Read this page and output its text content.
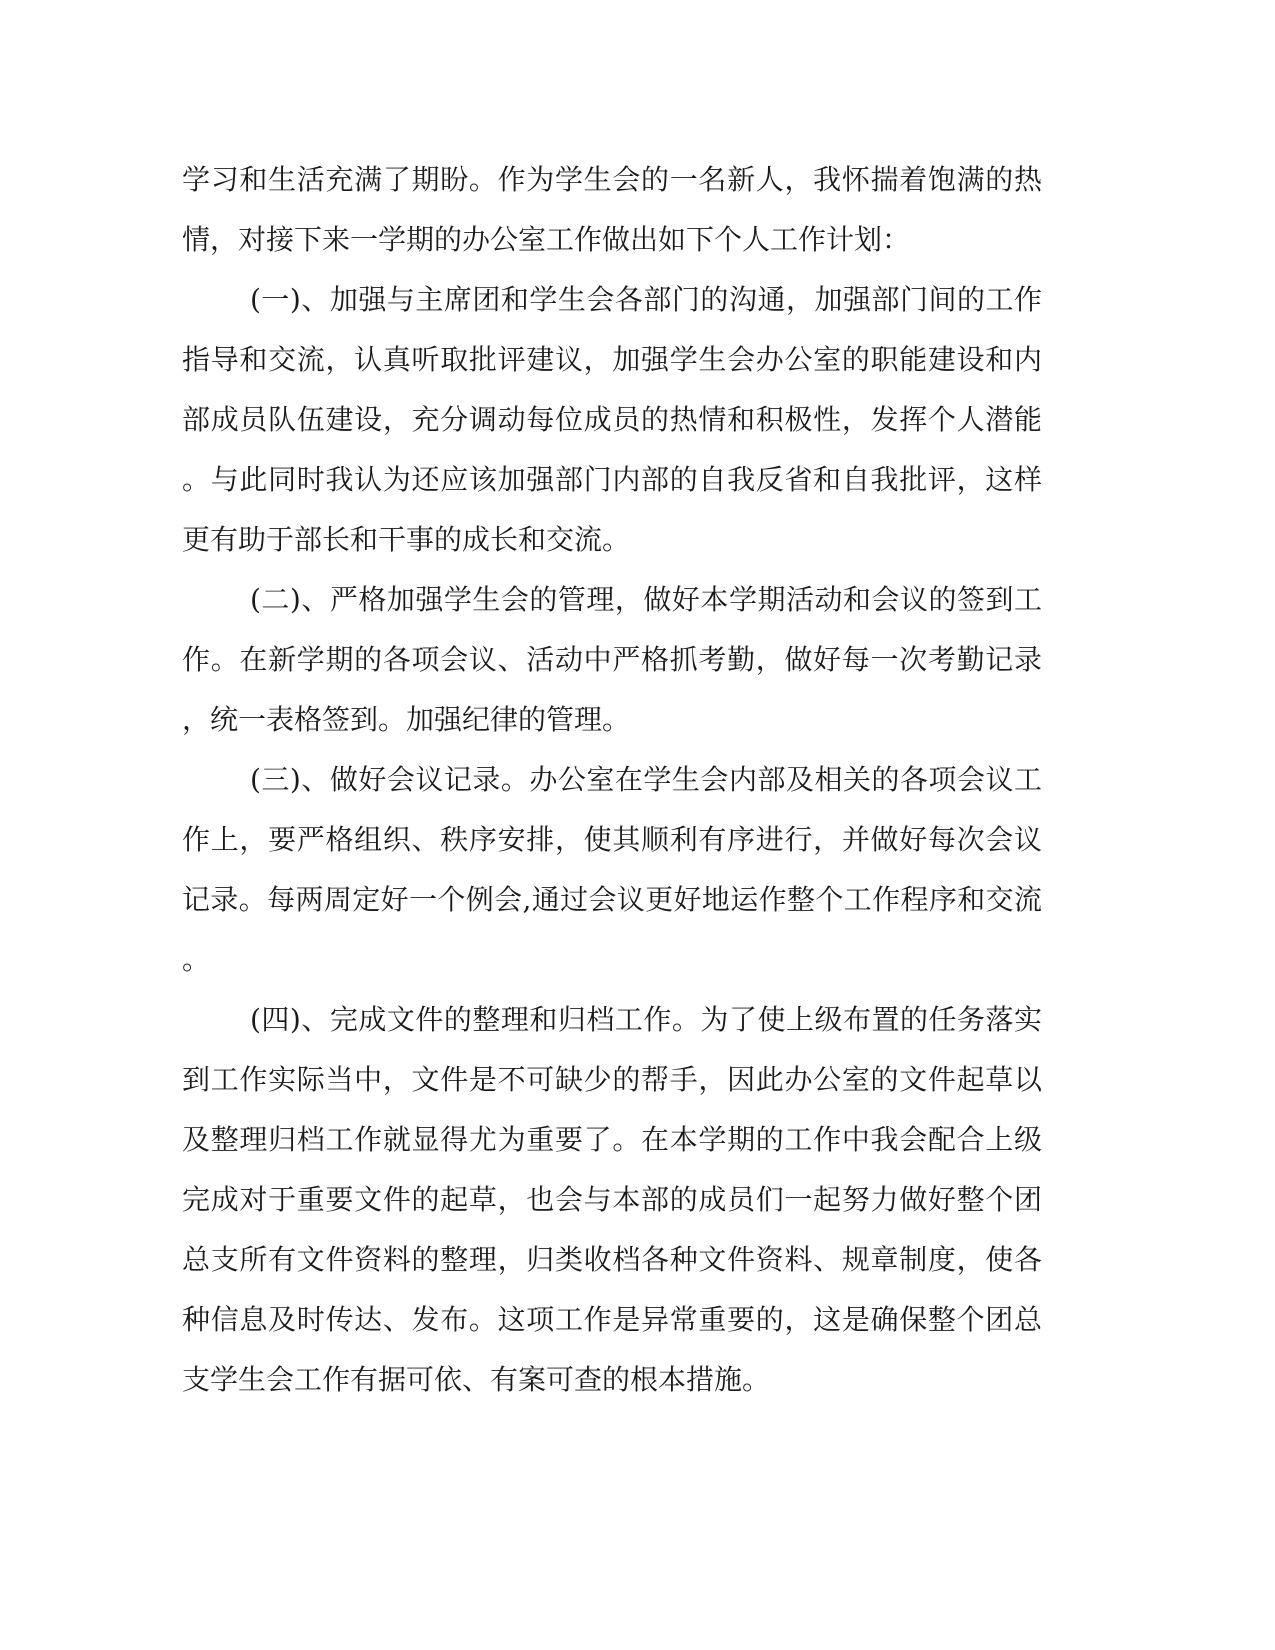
学习和生活充满了期盼。作为学生会的一名新人，我怀揣着饱满的热
情，对接下来一学期的办公室工作做出如下个人工作计划：
(一)、加强与主席团和学生会各部门的沟通，加强部门间的工作
指导和交流，认真听取批评建议，加强学生会办公室的职能建设和内
部成员队伍建设，充分调动每位成员的热情和积极性，发挥个人潜能
。与此同时我认为还应该加强部门内部的自我反省和自我批评，这样
更有助于部长和干事的成长和交流。
(二)、严格加强学生会的管理，做好本学期活动和会议的签到工
作。在新学期的各项会议、活动中严格抓考勤，做好每一次考勤记录
，统一表格签到。加强纪律的管理。
(三)、做好会议记录。办公室在学生会内部及相关的各项会议工
作上，要严格组织、秩序安排，使其顺利有序进行，并做好每次会议
记录。每两周定好一个例会,通过会议更好地运作整个工作程序和交流
。
(四)、完成文件的整理和归档工作。为了使上级布置的任务落实
到工作实际当中，文件是不可缺少的帮手，因此办公室的文件起草以
及整理归档工作就显得尤为重要了。在本学期的工作中我会配合上级
完成对于重要文件的起草，也会与本部的成员们一起努力做好整个团
总支所有文件资料的整理，归类收档各种文件资料、规章制度，使各
种信息及时传达、发布。这项工作是异常重要的，这是确保整个团总
支学生会工作有据可依、有案可查的根本措施。
